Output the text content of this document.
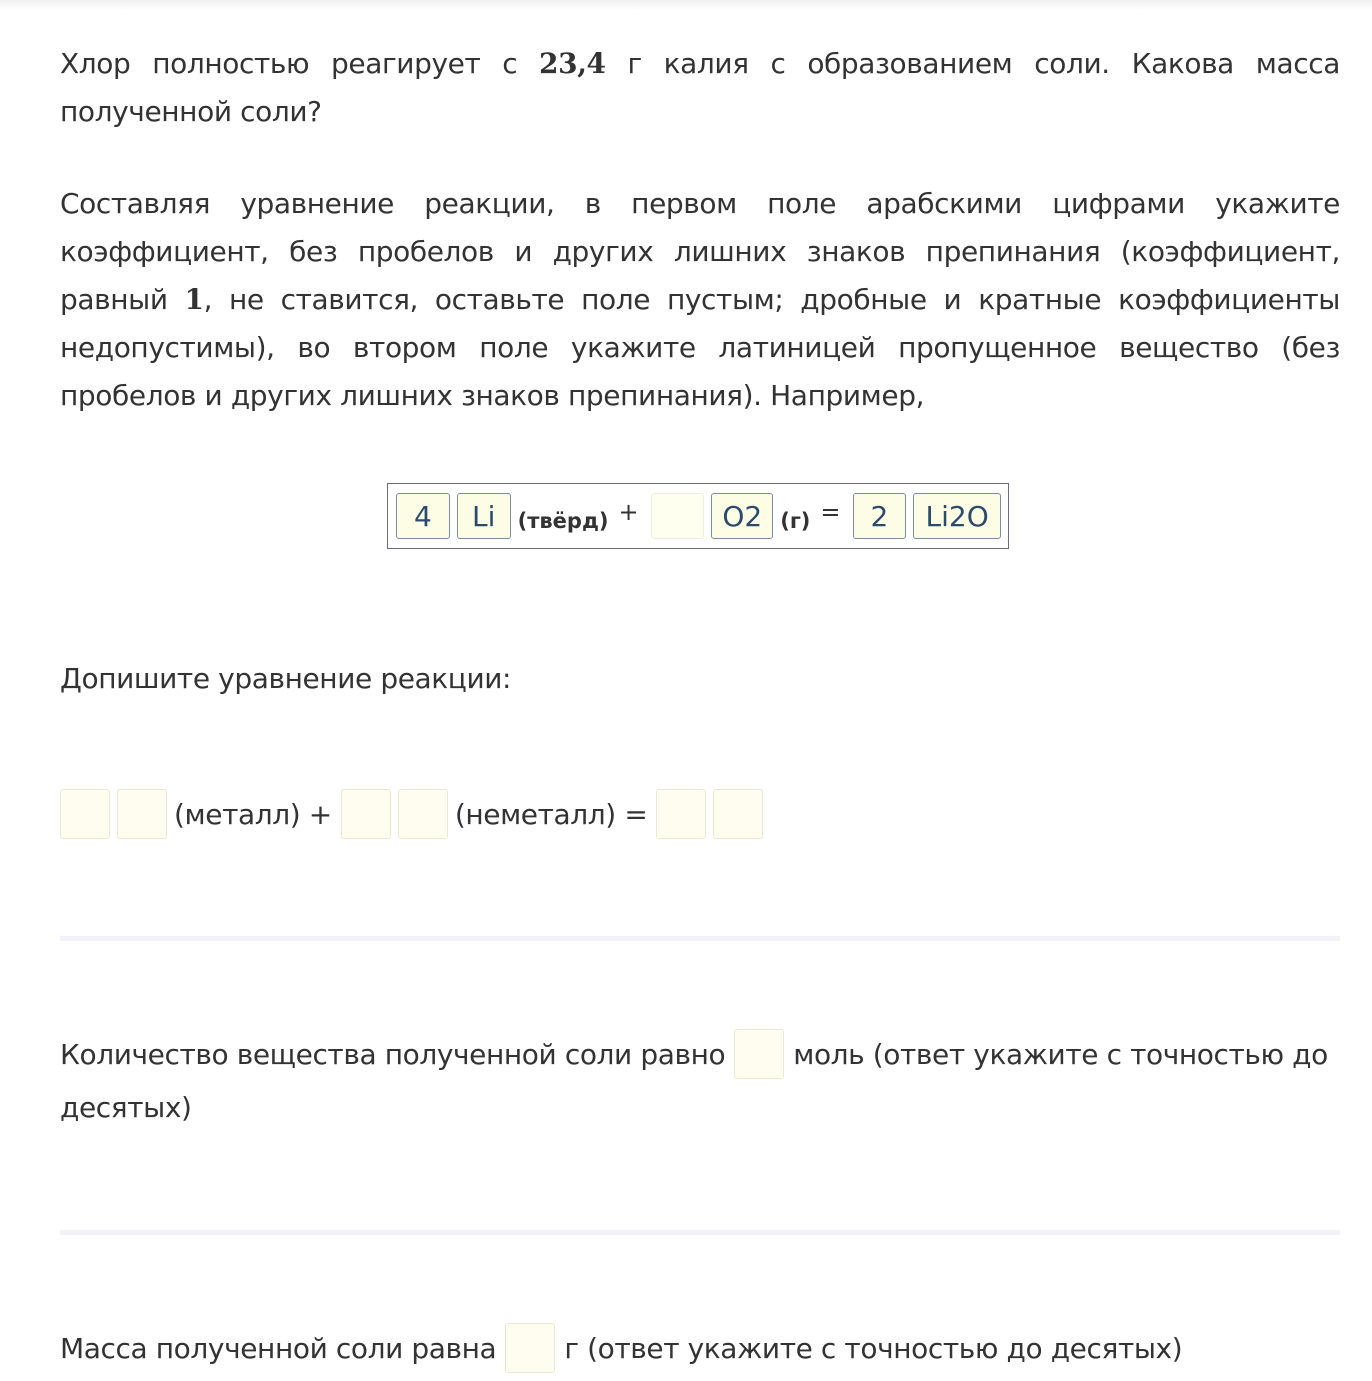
Хлор полностью реагирует с 23,4 г калия с образованием соли. Какова масса полученной соли?

Составляя уравнение реакции, в первом поле арабскими цифрами укажите коэффициент, без пробелов и других лишних знаков препинания (коэффициент, равный 1, не ставится, оставьте поле пустым; дробные и кратные коэффициенты недопустимы), во втором поле укажите латиницей пропущенное вещество (без пробелов и других лишних знаков препинания). Например,

4	Li	(твёрд) +	O2 (г) =	2	Li2O
Допишите уравнение реакции:
(металл) +	(неметалл) =
Количество вещества полученной соли равно моль (ответ укажите с точностью до
десятых)
Масса полученной соли равна г (ответ укажите с точностью до десятых)
